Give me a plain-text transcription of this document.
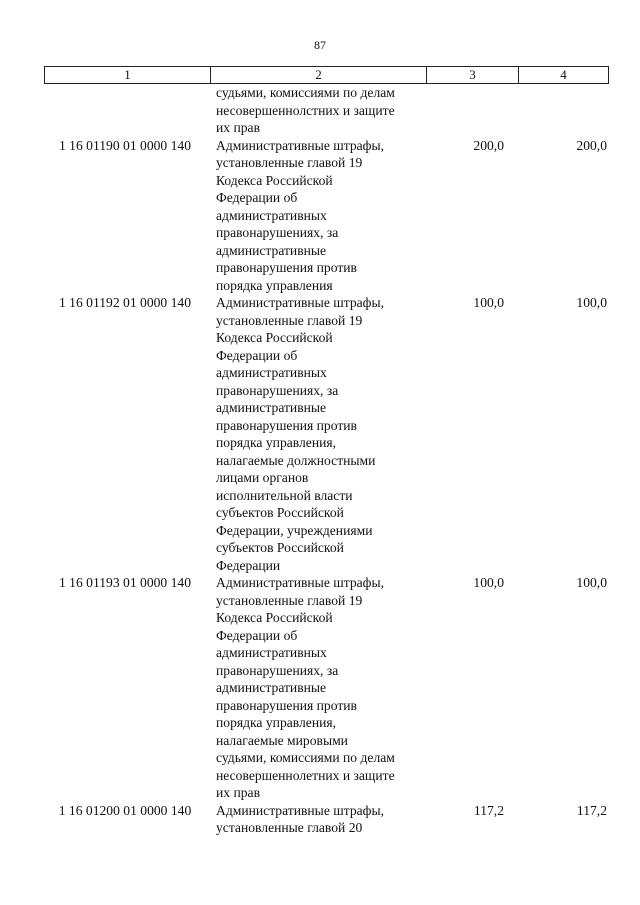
87
1	2	3	4
судьями, комиссиями по делам
несовершеннолстних и защите
их прав
1 16 01190 01 0000 140	Административные штрафы,
установленные главой 19
Кодекса Российской
Федерации об
административных
правонарушениях, за
административные
правонарушения против
порядка управления
200,0	200,0
1 16 01192 01 0000 140	Административные штрафы,
установленные главой 19
Кодекса Российской
Федерации об
административных
правонарушениях, за
административные
правонарушения против
порядка управления,
налагаемые должностными
лицами органов
исполнительной власти
субъектов Российской
Федерации, учреждениями
субъектов Российской
Федерации
100,0	100,0
1 16 01193 01 0000 140	Административные штрафы,
установленные главой 19
Кодекса Российской
Федерации об
административных
правонарушениях, за
административные
правонарушения против
порядка управления,
налагаемые мировыми
судьями, комиссиями по делам
несовершеннолетних и защите
их прав
100,0	100,0
1 16 01200 01 0000 140	Административные штрафы,
установленные главой 20
117,2	117,2
